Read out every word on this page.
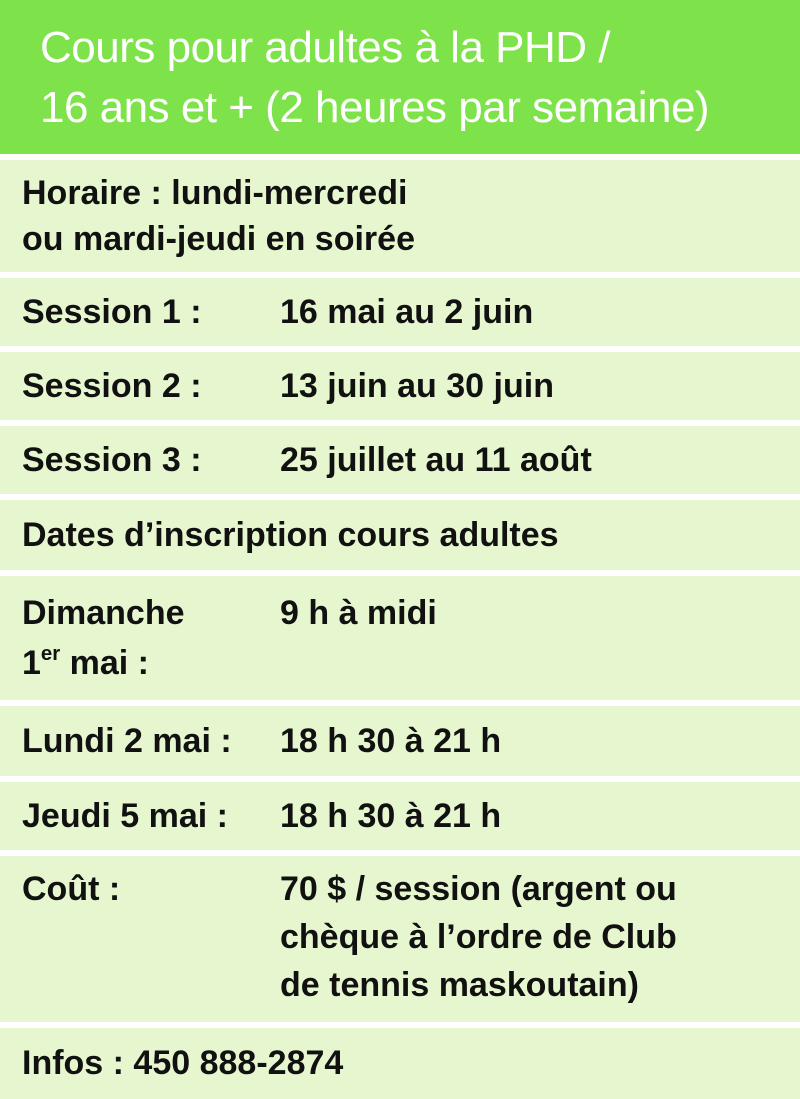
Cours pour adultes à la PHD /
16 ans et + (2 heures par semaine)
Horaire : lundi-mercredi
ou mardi-jeudi en soirée
Session 1 : 16 mai au 2 juin
Session 2 : 13 juin au 30 juin
Session 3 : 25 juillet au 11 août
Dates d’inscription cours adultes
Dimanche
1er mai :
9 h à midi
Lundi 2 mai : 18 h 30 à 21 h
Jeudi 5 mai : 18 h 30 à 21 h
Coût :	70 $ / session (argent ou
chèque à l’ordre de Club
de tennis maskoutain)
Infos : 450 888-2874
